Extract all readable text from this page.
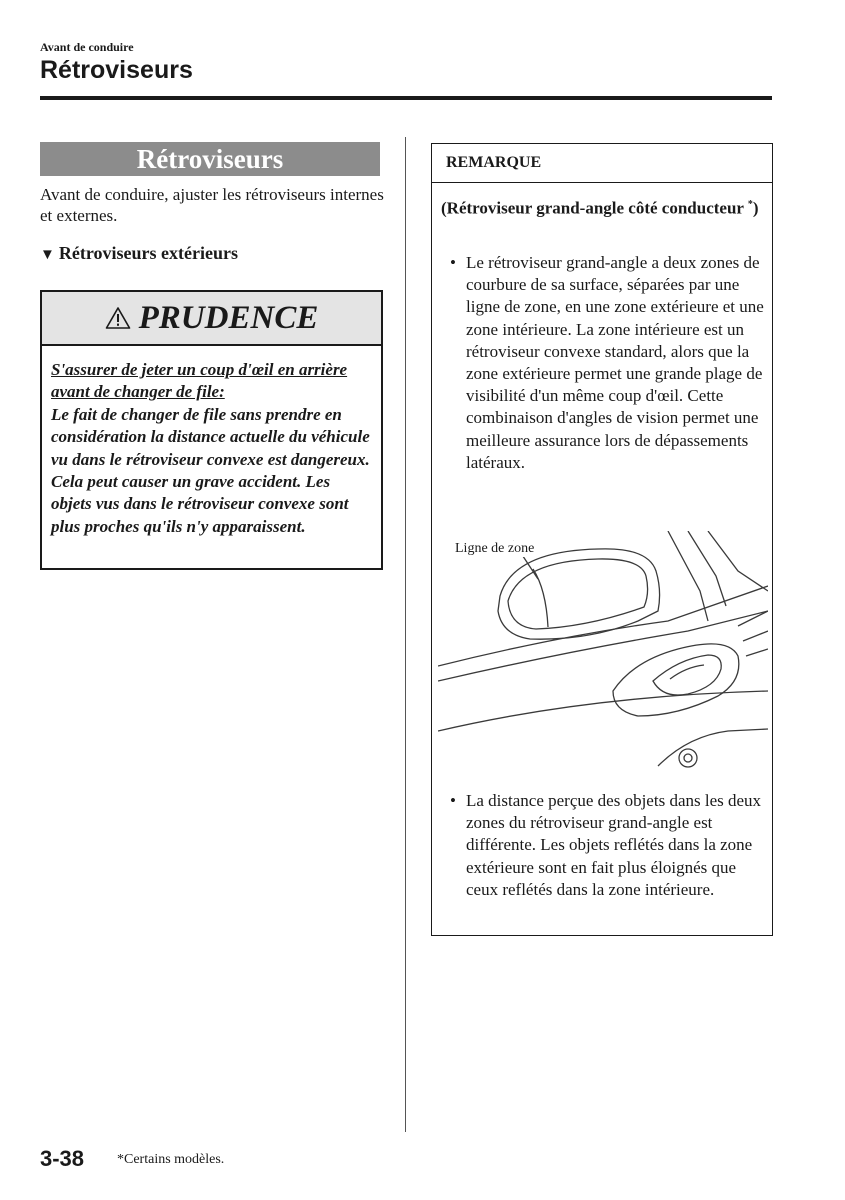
Avant de conduire
Rétroviseurs
Rétroviseurs
Avant de conduire, ajuster les rétroviseurs internes et externes.
▼ Rétroviseurs extérieurs
PRUDENCE
S'assurer de jeter un coup d'œil en arrière avant de changer de file:
Le fait de changer de file sans prendre en considération la distance actuelle du véhicule vu dans le rétroviseur convexe est dangereux. Cela peut causer un grave accident. Les objets vus dans le rétroviseur convexe sont plus proches qu'ils n'y apparaissent.
REMARQUE
(Rétroviseur grand-angle côté conducteur *)
• Le rétroviseur grand-angle a deux zones de courbure de sa surface, séparées par une ligne de zone, en une zone extérieure et une zone intérieure. La zone intérieure est un rétroviseur convexe standard, alors que la zone extérieure permet une grande plage de visibilité d'un même coup d'œil. Cette combinaison d'angles de vision permet une meilleure assurance lors de dépassements latéraux.
Ligne de zone
• La distance perçue des objets dans les deux zones du rétroviseur grand-angle est différente. Les objets reflétés dans la zone extérieure sont en fait plus éloignés que ceux reflétés dans la zone intérieure.
3-38 *Certains modèles.
